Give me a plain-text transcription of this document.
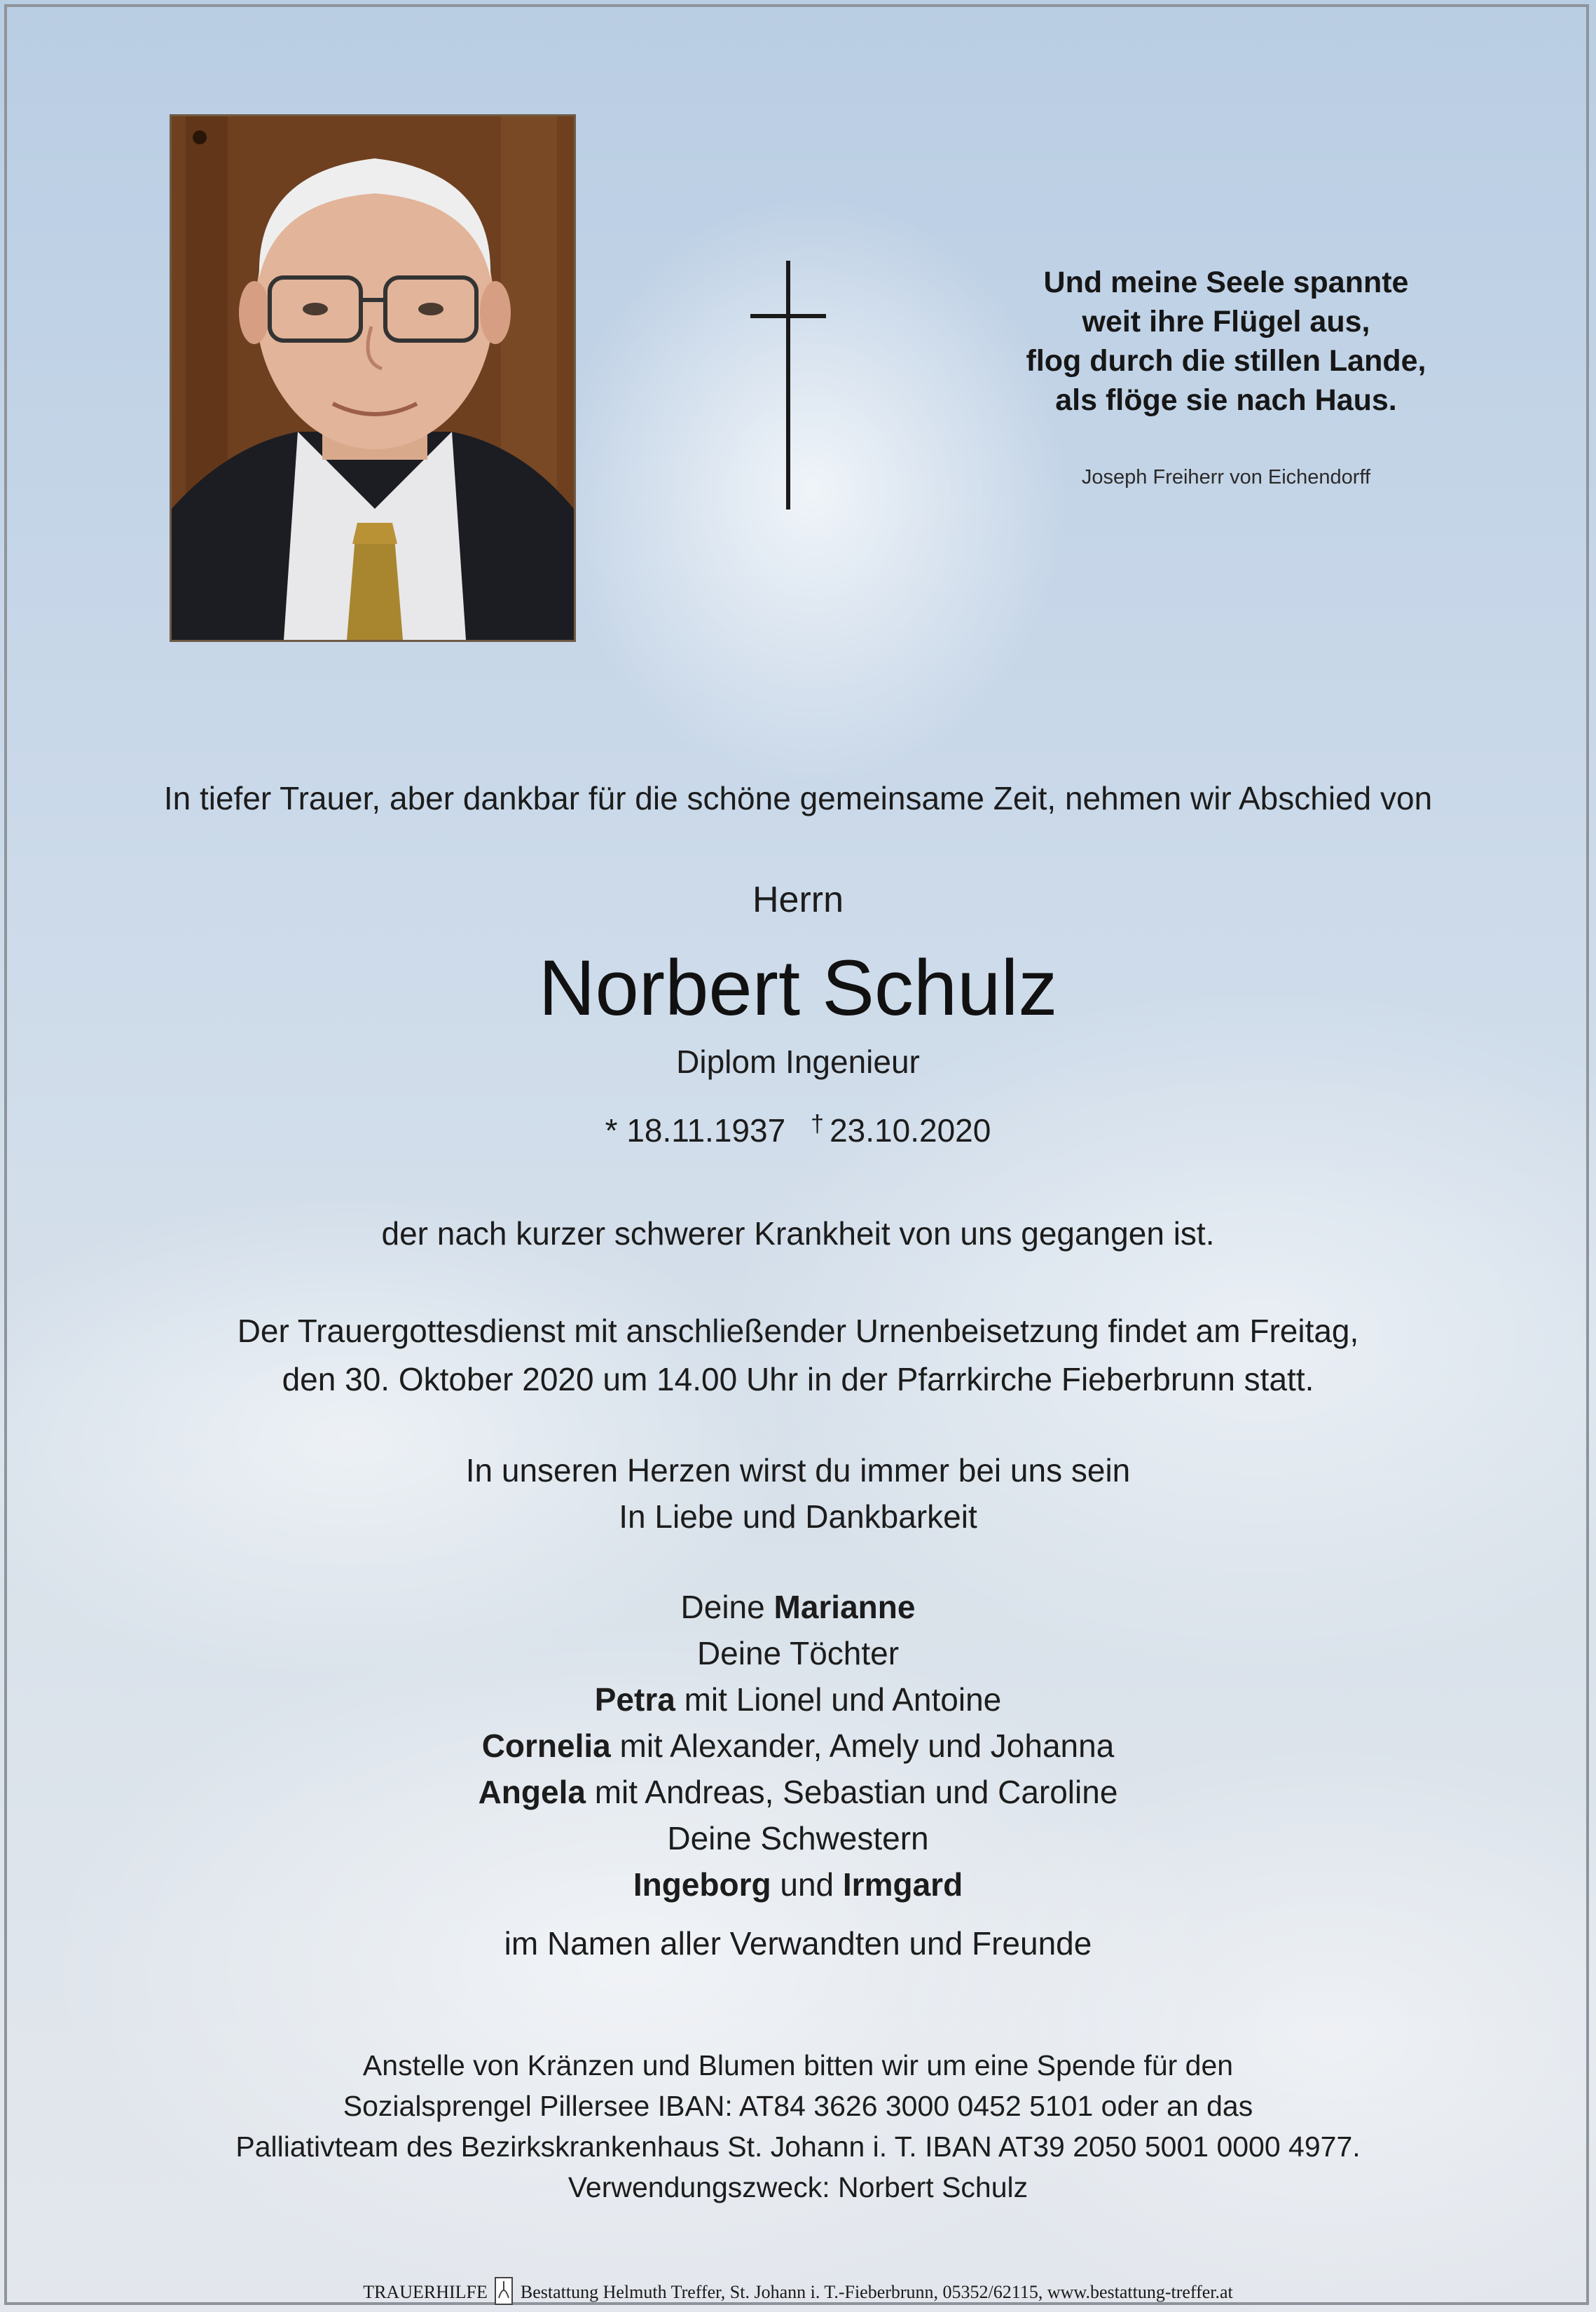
Und meine Seele spannte
weit ihre Flügel aus,
flog durch die stillen Lande,
als flöge sie nach Haus.
Joseph Freiherr von Eichendorff
In tiefer Trauer, aber dankbar für die schöne gemeinsame Zeit, nehmen wir Abschied von
Herrn
Norbert Schulz
Diplom Ingenieur
* 18.11.1937 † 23.10.2020
der nach kurzer schwerer Krankheit von uns gegangen ist.
Der Trauergottesdienst mit anschließender Urnenbeisetzung findet am Freitag,
den 30. Oktober 2020 um 14.00 Uhr in der Pfarrkirche Fieberbrunn statt.
In unseren Herzen wirst du immer bei uns sein
In Liebe und Dankbarkeit
Deine Marianne
Deine Töchter
Petra mit Lionel und Antoine
Cornelia mit Alexander, Amely und Johanna
Angela mit Andreas, Sebastian und Caroline
Deine Schwestern
Ingeborg und Irmgard
im Namen aller Verwandten und Freunde
Anstelle von Kränzen und Blumen bitten wir um eine Spende für den
Sozialsprengel Pillersee IBAN: AT84 3626 3000 0452 5101 oder an das
Palliativteam des Bezirkskrankenhaus St. Johann i. T. IBAN AT39 2050 5001 0000 4977.
Verwendungszweck: Norbert Schulz
TRAUERHILFE Bestattung Helmuth Treffer, St. Johann i. T.-Fieberbrunn, 05352/62115, www.bestattung-treffer.at
